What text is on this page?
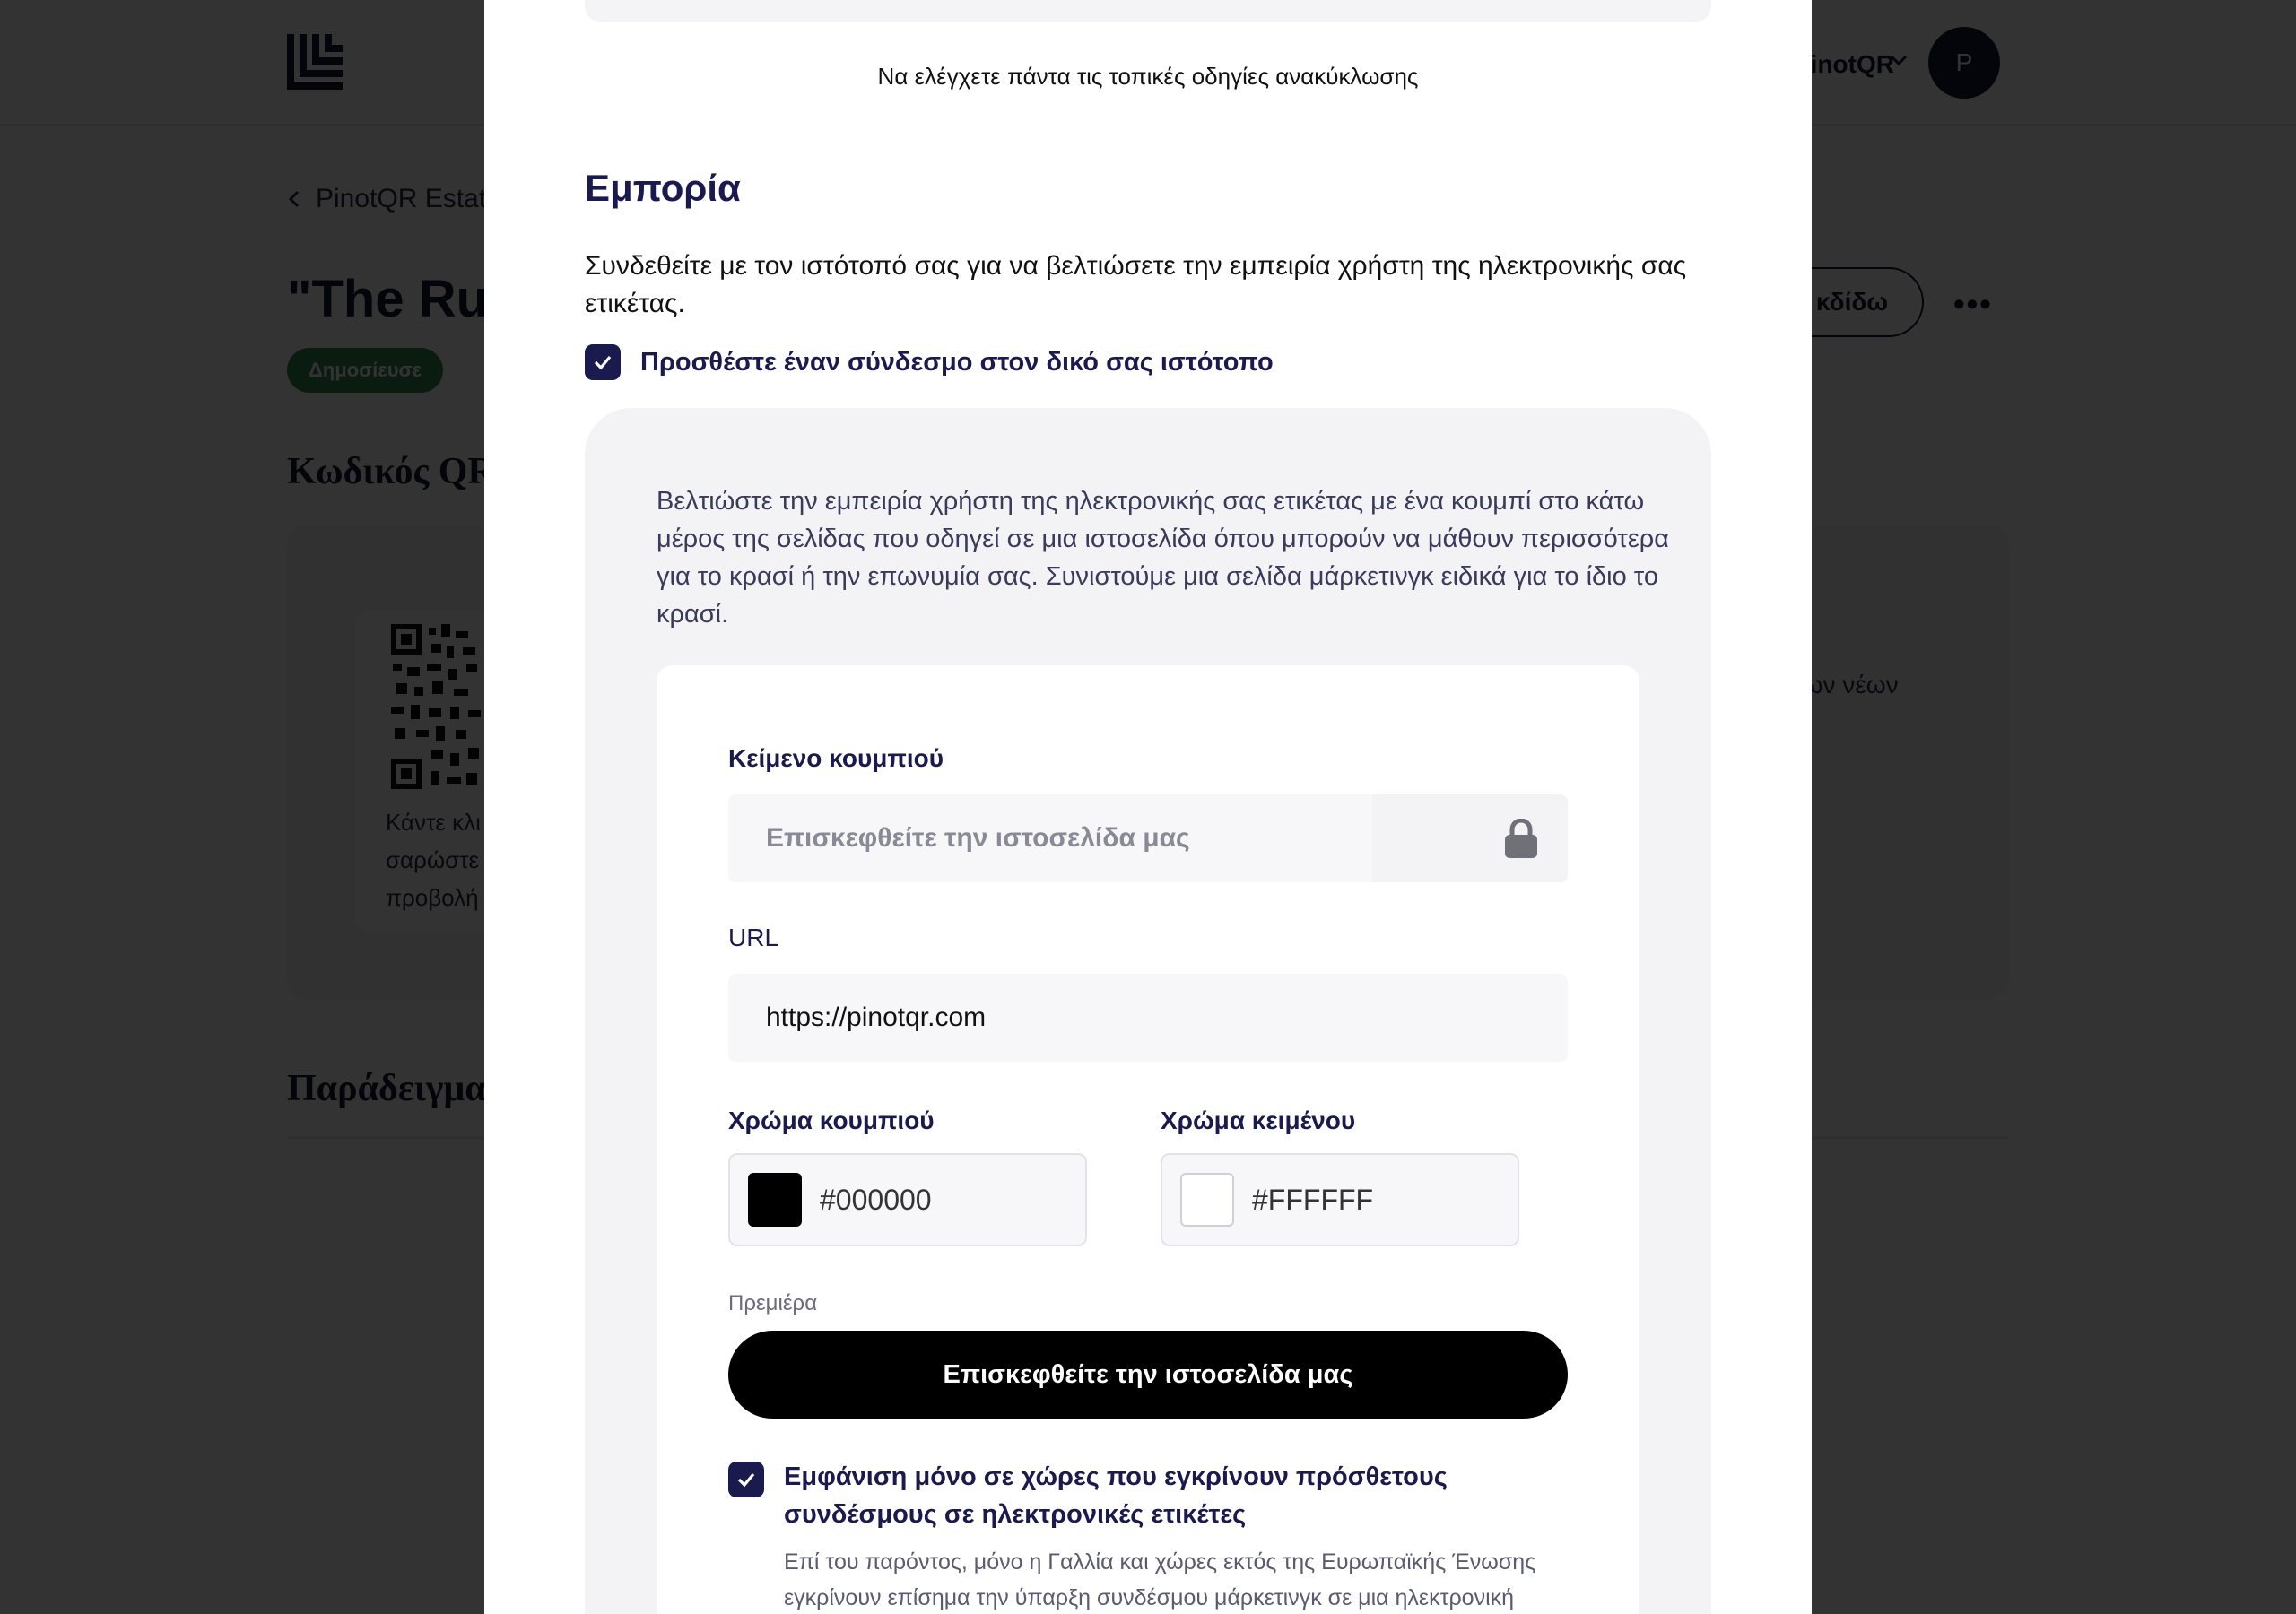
Να ελέγχετε πάντα τις τοπικές οδηγίες ανακύκλωσης
Εμπορία
Συνδεθείτε με τον ιστότοπό σας για να βελτιώσετε την εμπειρία χρήστη της ηλεκτρονικής σας ετικέτας.
Προσθέστε έναν σύνδεσμο στον δικό σας ιστότοπο
Βελτιώστε την εμπειρία χρήστη της ηλεκτρονικής σας ετικέτας με ένα κουμπί στο κάτω μέρος της σελίδας που οδηγεί σε μια ιστοσελίδα όπου μπορούν να μάθουν περισσότερα για το κρασί ή την επωνυμία σας. Συνιστούμε μια σελίδα μάρκετινγκ ειδικά για το ίδιο το κρασί.
Κείμενο κουμπιού
Επισκεφθείτε την ιστοσελίδα μας
URL
https://pinotqr.com
Χρώμα κουμπιού
#000000
Χρώμα κειμένου
#FFFFFF
Πρεμιέρα
Επισκεφθείτε την ιστοσελίδα μας
Εμφάνιση μόνο σε χώρες που εγκρίνουν πρόσθετους συνδέσμους σε ηλεκτρονικές ετικέτες
Επί του παρόντος, μόνο η Γαλλία και χώρες εκτός της Ευρωπαϊκής Ένωσης εγκρίνουν επίσημα την ύπαρξη συνδέσμου μάρκετινγκ σε μια ηλεκτρονική
